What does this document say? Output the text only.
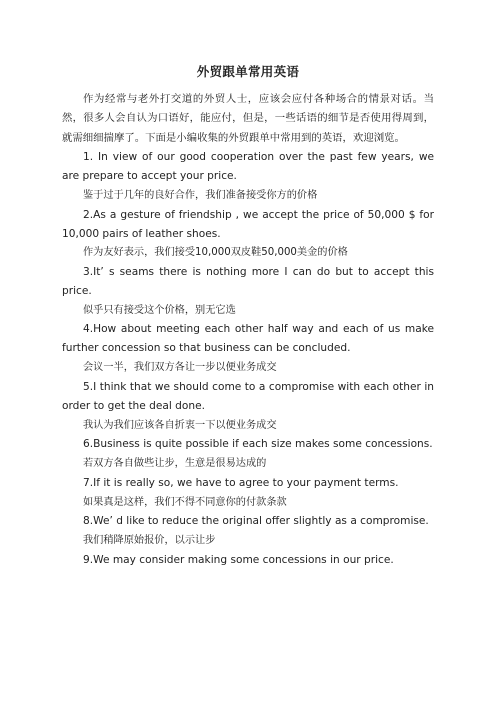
外贸跟单常用英语

作为经常与老外打交道的外贸人士，应该会应付各种场合的情景对话。当然，很多人会自认为口语好，能应付，但是，一些话语的细节是否使用得周到，就需细细揣摩了。下面是小编收集的外贸跟单中常用到的英语，欢迎浏览。

1. In view of our good cooperation over the past few years, we are prepare to accept your price.

鉴于过于几年的良好合作，我们准备接受你方的价格

2.As a gesture of friendship , we accept the price of 50,000 $ for 10,000 pairs of leather shoes.

作为友好表示，我们接受10,000双皮鞋50,000美金的价格

3.It’ s seams there is nothing more I can do but to accept this price.

似乎只有接受这个价格，别无它选

4.How about meeting each other half way and each of us make further concession so that business can be concluded.

会议一半，我们双方各让一步以便业务成交

5.I think that we should come to a compromise with each other in order to get the deal done.

我认为我们应该各自折衷一下以便业务成交

6.Business is quite possible if each size makes some concessions.

若双方各自做些让步，生意是很易达成的

7.If it is really so, we have to agree to your payment terms.

如果真是这样，我们不得不同意你的付款条款

8.We’ d like to reduce the original offer slightly as a compromise.

我们稍降原始报价，以示让步

9.We may consider making some concessions in our price.
